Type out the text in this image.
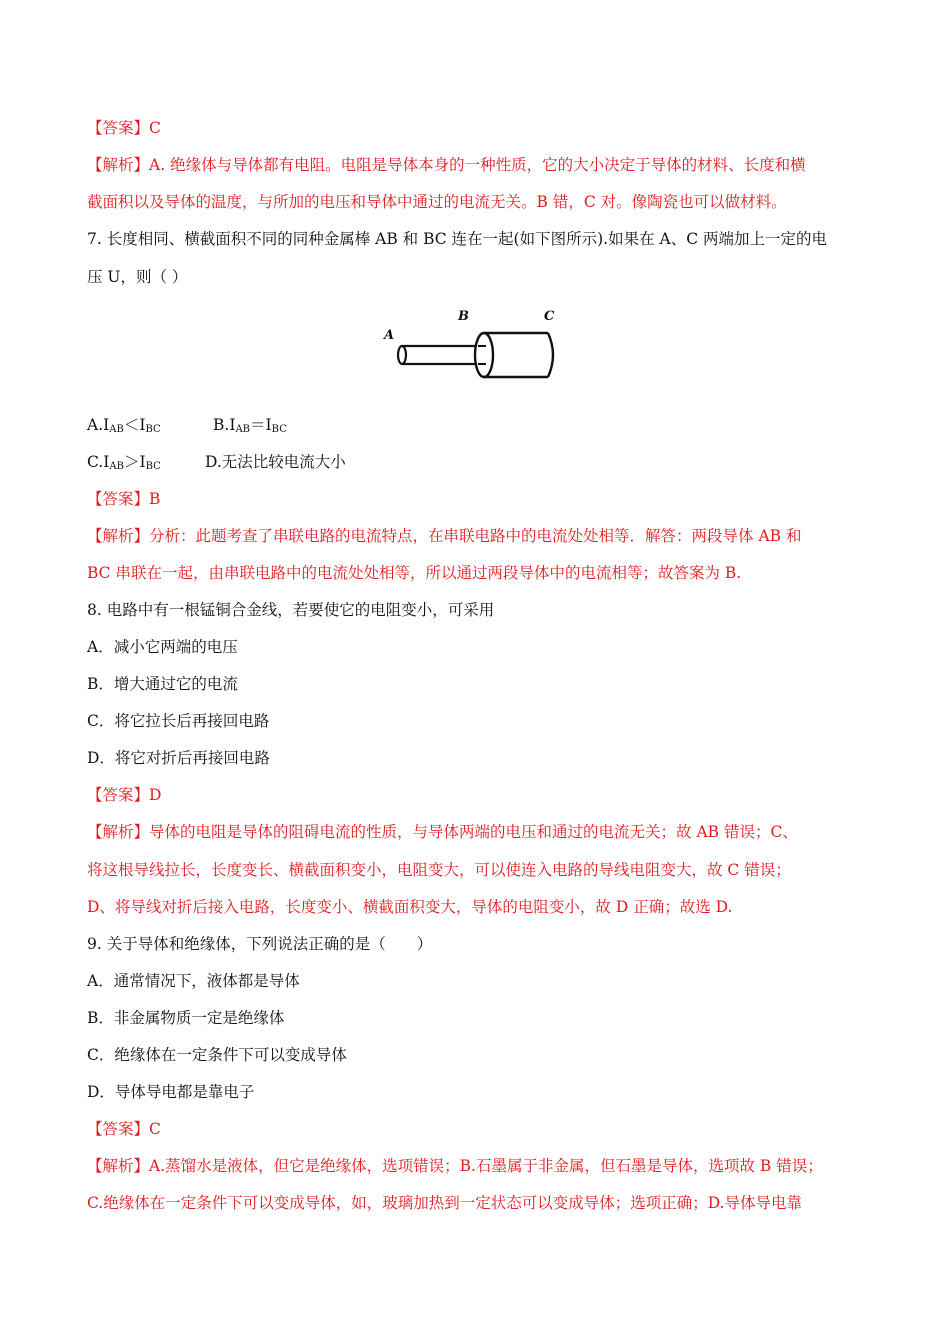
【答案】C
【解析】A. 绝缘体与导体都有电阻。电阻是导体本身的一种性质，它的大小决定于导体的材料、长度和横
截面积以及导体的温度，与所加的电压和导体中通过的电流无关。B 错，C 对。像陶瓷也可以做材料。
7. 长度相同、横截面积不同的同种金属棒 AB 和 BC 连在一起(如下图所示).如果在 A、C 两端加上一定的电
压 U，则（ ）
A
B	C
$A.I_{AB}<I_{BC}$	$B.I_{AB}=I_{BC}$
$C.I_{AB}>I_{BC}$	D.无法比较电流大小
【答案】B
【解析】分析：此题考查了串联电路的电流特点，在串联电路中的电流处处相等．解答：两段导体 AB 和
BC 串联在一起，由串联电路中的电流处处相等，所以通过两段导体中的电流相等；故答案为 B.
8. 电路中有一根锰铜合金线，若要使它的电阻变小，可采用
A．减小它两端的电压
B．增大通过它的电流
C．将它拉长后再接回电路
D．将它对折后再接回电路
【答案】D
【解析】导体的电阻是导体的阻碍电流的性质，与导体两端的电压和通过的电流无关；故 AB 错误；C、
将这根导线拉长，长度变长、横截面积变小，电阻变大，可以使连入电路的导线电阻变大，故 C 错误；
D、将导线对折后接入电路，长度变小、横截面积变大，导体的电阻变小，故 D 正确；故选 D.
9. 关于导体和绝缘体，下列说法正确的是（　　）
A．通常情况下，液体都是导体
B．非金属物质一定是绝缘体
C．绝缘体在一定条件下可以变成导体
D．导体导电都是靠电子
【答案】C
【解析】A.蒸馏水是液体，但它是绝缘体，选项错误；B.石墨属于非金属，但石墨是导体，选项故 B 错误；
C.绝缘体在一定条件下可以变成导体，如，玻璃加热到一定状态可以变成导体；选项正确；D.导体导电靠
